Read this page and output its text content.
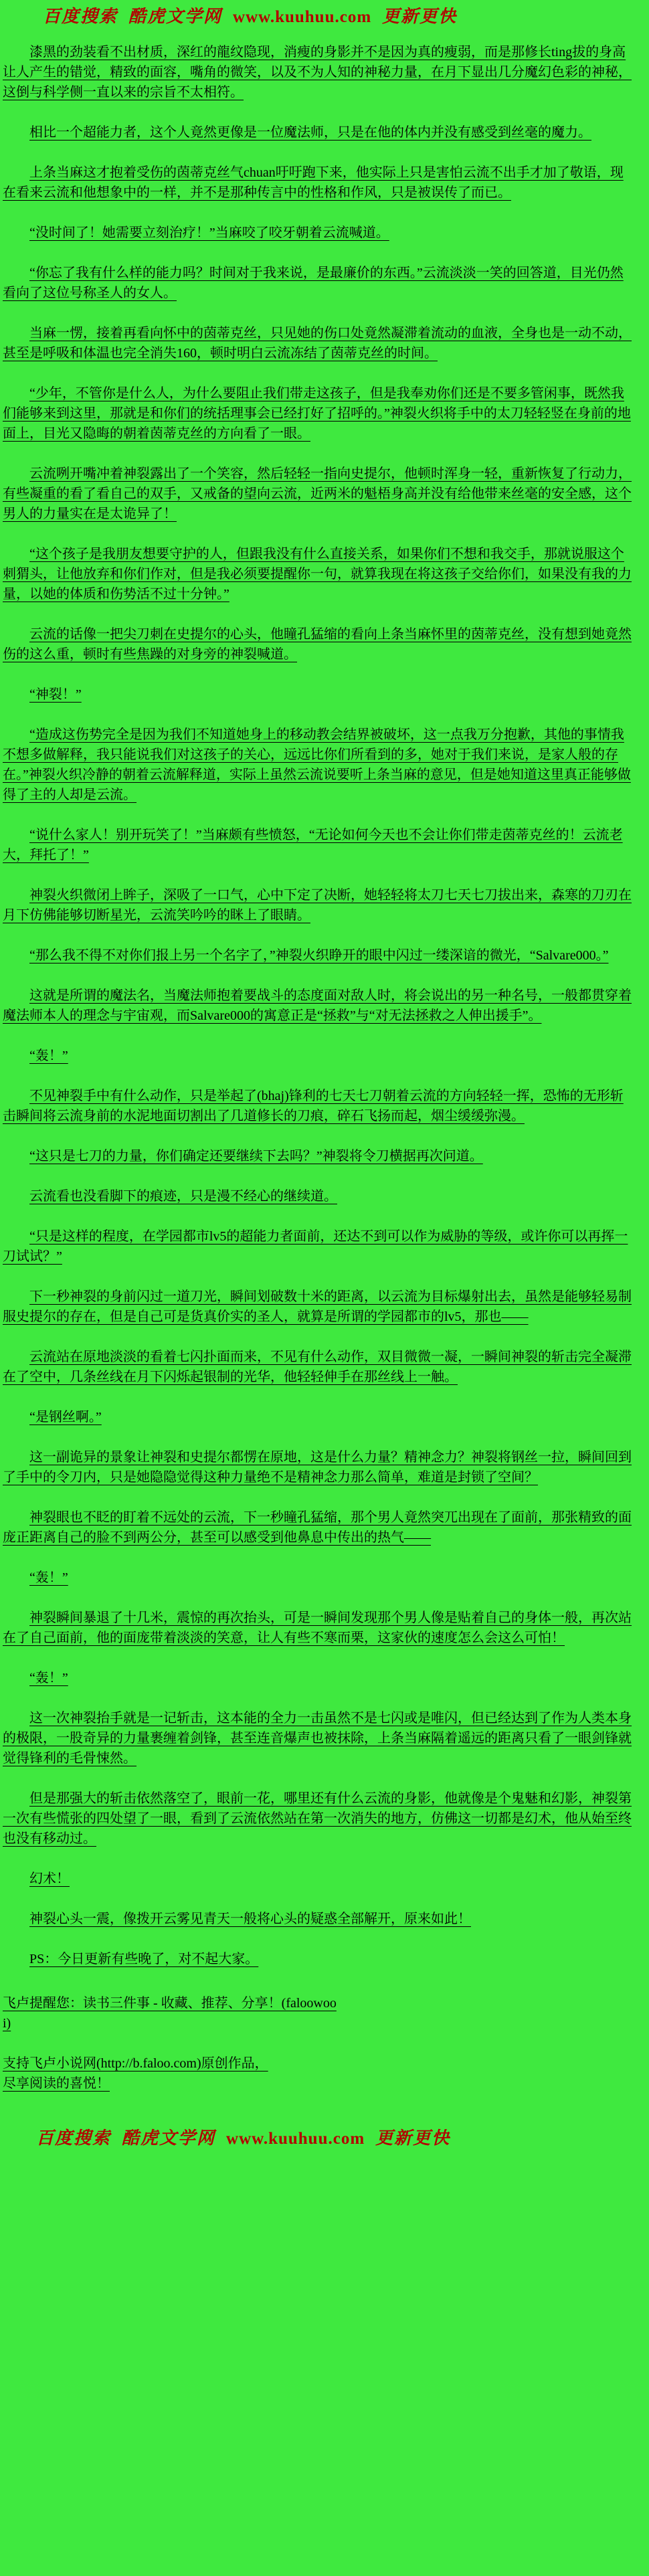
百度搜索 酷虎文学网 www.kuuhuu.com 更新更快

漆黑的劲装看不出材质，深红的龍纹隐现，消瘦的身影并不是因为真的瘦弱，而是那修长ting拔的身高让人产生的错觉，精致的面容，嘴角的微笑，以及不为人知的神秘力量，在月下显出几分魔幻色彩的神秘，这倒与科学侧一直以来的宗旨不太相符。

相比一个超能力者，这个人竟然更像是一位魔法师，只是在他的体内并没有感受到丝毫的魔力。

上条当麻这才抱着受伤的茵蒂克丝气chuan吁吁跑下来，他实际上只是害怕云流不出手才加了敬语，现在看来云流和他想象中的一样，并不是那种传言中的性格和作风，只是被误传了而已。

“没时间了！她需要立刻治疗！”当麻咬了咬牙朝着云流喊道。

“你忘了我有什么样的能力吗？时间对于我来说，是最廉价的东西。”云流淡淡一笑的回答道，目光仍然看向了这位号称圣人的女人。

当麻一愣，接着再看向怀中的茵蒂克丝，只见她的伤口处竟然凝滞着流动的血液，全身也是一动不动，甚至是呼吸和体温也完全消失160，顿时明白云流冻结了茵蒂克丝的时间。

“少年，不管你是什么人，为什么要阻止我们带走这孩子，但是我奉劝你们还是不要多管闲事，既然我们能够来到这里，那就是和你们的统括理事会已经打好了招呼的。”神裂火织将手中的太刀轻轻竖在身前的地面上，目光又隐晦的朝着茵蒂克丝的方向看了一眼。

云流咧开嘴冲着神裂露出了一个笑容，然后轻轻一指向史提尔，他顿时浑身一轻，重新恢复了行动力，有些凝重的看了看自己的双手，又戒备的望向云流，近两米的魁梧身高并没有给他带来丝毫的安全感，这个男人的力量实在是太诡异了！

“这个孩子是我朋友想要守护的人，但跟我没有什么直接关系，如果你们不想和我交手，那就说服这个刺猬头，让他放弃和你们作对，但是我必须要提醒你一句，就算我现在将这孩子交给你们，如果没有我的力量，以她的体质和伤势活不过十分钟。”

云流的话像一把尖刀刺在史提尔的心头，他瞳孔猛缩的看向上条当麻怀里的茵蒂克丝，没有想到她竟然伤的这么重，顿时有些焦躁的对身旁的神裂喊道。

“神裂！”

“造成这伤势完全是因为我们不知道她身上的移动教会结界被破坏，这一点我万分抱歉，其他的事情我不想多做解释，我只能说我们对这孩子的关心，远远比你们所看到的多，她对于我们来说，是家人般的存在。”神裂火织冷静的朝着云流解释道，实际上虽然云流说要听上条当麻的意见，但是她知道这里真正能够做得了主的人却是云流。

“说什么家人！别开玩笑了！”当麻颇有些愤怒，“无论如何今天也不会让你们带走茵蒂克丝的！云流老大，拜托了！”

神裂火织微闭上眸子，深吸了一口气，心中下定了决断，她轻轻将太刀七天七刀拔出来，森寒的刀刃在月下仿佛能够切断星光，云流笑吟吟的眯上了眼睛。

“那么我不得不对你们报上另一个名字了，”神裂火织睁开的眼中闪过一缕深谙的微光，“Salvare000。”

这就是所谓的魔法名，当魔法师抱着要战斗的态度面对敌人时，将会说出的另一种名号，一般都贯穿着魔法师本人的理念与宇宙观，而Salvare000的寓意正是“拯救”与“对无法拯救之人伸出援手”。

“轰！”

不见神裂手中有什么动作，只是举起了(bhaj)锋利的七天七刀朝着云流的方向轻轻一挥，恐怖的无形斩击瞬间将云流身前的水泥地面切割出了几道修长的刀痕，碎石飞扬而起，烟尘缓缓弥漫。

“这只是七刀的力量，你们确定还要继续下去吗？”神裂将令刀横据再次问道。

云流看也没看脚下的痕迹，只是漫不经心的继续道。

“只是这样的程度，在学园都市lv5的超能力者面前，还达不到可以作为威胁的等级，或许你可以再挥一刀试试？”

下一秒神裂的身前闪过一道刀光，瞬间划破数十米的距离，以云流为目标爆射出去，虽然是能够轻易制服史提尔的存在，但是自己可是货真价实的圣人，就算是所谓的学园都市的lv5，那也——

云流站在原地淡淡的看着七闪扑面而来，不见有什么动作，双目微微一凝，一瞬间神裂的斩击完全凝滞在了空中，几条丝线在月下闪烁起银制的光华，他轻轻伸手在那丝线上一触。

“是钢丝啊。”

这一副诡异的景象让神裂和史提尔都愣在原地，这是什么力量？精神念力？神裂将钢丝一拉，瞬间回到了手中的令刀内，只是她隐隐觉得这种力量绝不是精神念力那么简单，难道是封锁了空间？

神裂眼也不眨的盯着不远处的云流，下一秒瞳孔猛缩，那个男人竟然突兀出现在了面前，那张精致的面庞正距离自己的脸不到两公分，甚至可以感受到他鼻息中传出的热气——

“轰！”

神裂瞬间暴退了十几米，震惊的再次抬头，可是一瞬间发现那个男人像是贴着自己的身体一般，再次站在了自己面前，他的面庞带着淡淡的笑意，让人有些不寒而栗，这家伙的速度怎么会这么可怕！

“轰！”

这一次神裂抬手就是一记斩击，这本能的全力一击虽然不是七闪或是唯闪，但已经达到了作为人类本身的极限，一股奇异的力量裹缠着剑锋，甚至连音爆声也被抹除，上条当麻隔着遥远的距离只看了一眼剑锋就觉得锋利的毛骨悚然。

但是那强大的斩击依然落空了，眼前一花，哪里还有什么云流的身影，他就像是个鬼魅和幻影，神裂第一次有些慌张的四处望了一眼，看到了云流依然站在第一次消失的地方，仿佛这一切都是幻术，他从始至终也没有移动过。

幻术！

神裂心头一震，像拨开云雾见青天一般将心头的疑惑全部解开，原来如此！

PS：今日更新有些晚了，对不起大家。

飞卢提醒您：读书三件事 - 收藏、推荐、分享！(faloowoo

i)

支持飞卢小说网(http://b.faloo.com)原创作品，

尽享阅读的喜悦！

百度搜索 酷虎文学网 www.kuuhuu.com 更新更快
